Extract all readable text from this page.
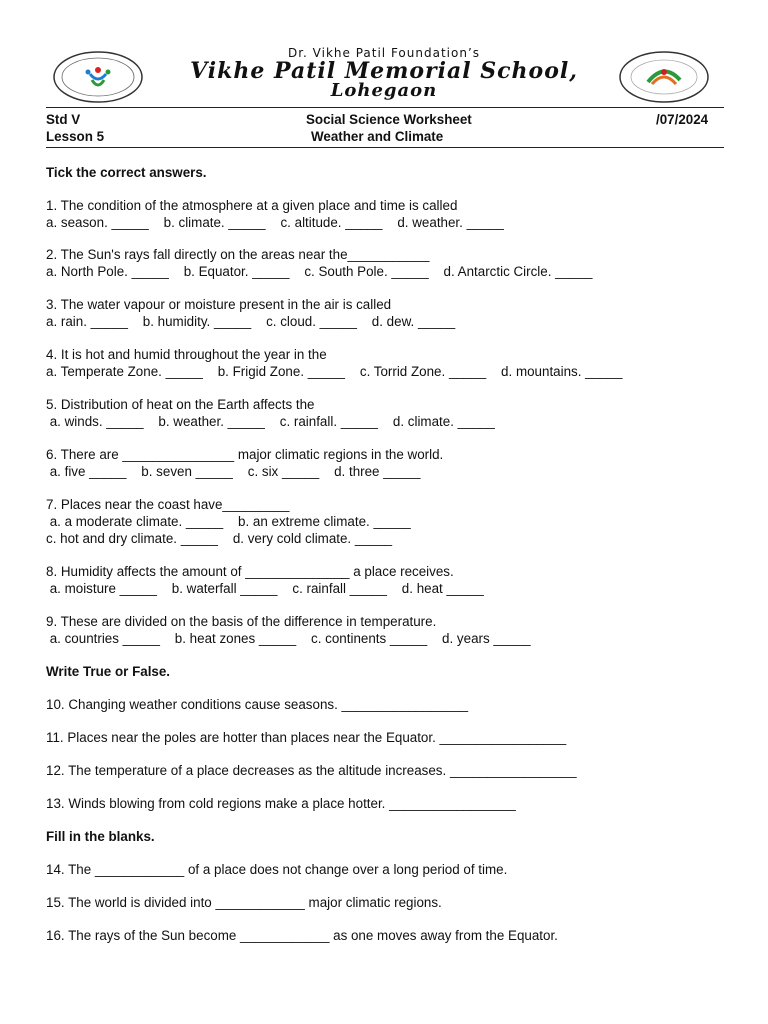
Dr. Vikhe Patil Foundation’s
Vikhe Patil Memorial School,
Lohegaon
Std V
Lesson 5
Social Science Worksheet
Weather and Climate
/07/2024
Tick the correct answers.
1. The condition of the atmosphere at a given place and time is called
a. season. _____    b. climate. _____    c. altitude. _____    d. weather. _____
2. The Sun's rays fall directly on the areas near the___________
a. North Pole. _____    b. Equator. _____    c. South Pole. _____    d. Antarctic Circle. _____
3. The water vapour or moisture present in the air is called
a. rain. _____    b. humidity. _____    c. cloud. _____    d. dew. _____
4. It is hot and humid throughout the year in the
a. Temperate Zone. _____    b. Frigid Zone. _____    c. Torrid Zone. _____    d. mountains. _____
5. Distribution of heat on the Earth affects the
a. winds. _____    b. weather. _____    c. rainfall. _____    d. climate. _____
6. There are _______________ major climatic regions in the world.
a. five _____    b. seven _____    c. six _____    d. three _____
7. Places near the coast have_________
a. a moderate climate. _____    b. an extreme climate. _____
c. hot and dry climate. _____    d. very cold climate. _____
8. Humidity affects the amount of ______________ a place receives.
a. moisture _____    b. waterfall _____    c. rainfall _____    d. heat _____
9. These are divided on the basis of the difference in temperature.
a. countries _____    b. heat zones _____    c. continents _____    d. years _____
Write True or False.
10. Changing weather conditions cause seasons. _________________
11. Places near the poles are hotter than places near the Equator. _________________
12. The temperature of a place decreases as the altitude increases. _________________
13. Winds blowing from cold regions make a place hotter. _________________
Fill in the blanks.
14. The ____________ of a place does not change over a long period of time.
15. The world is divided into ____________ major climatic regions.
16. The rays of the Sun become ____________ as one moves away from the Equator.
